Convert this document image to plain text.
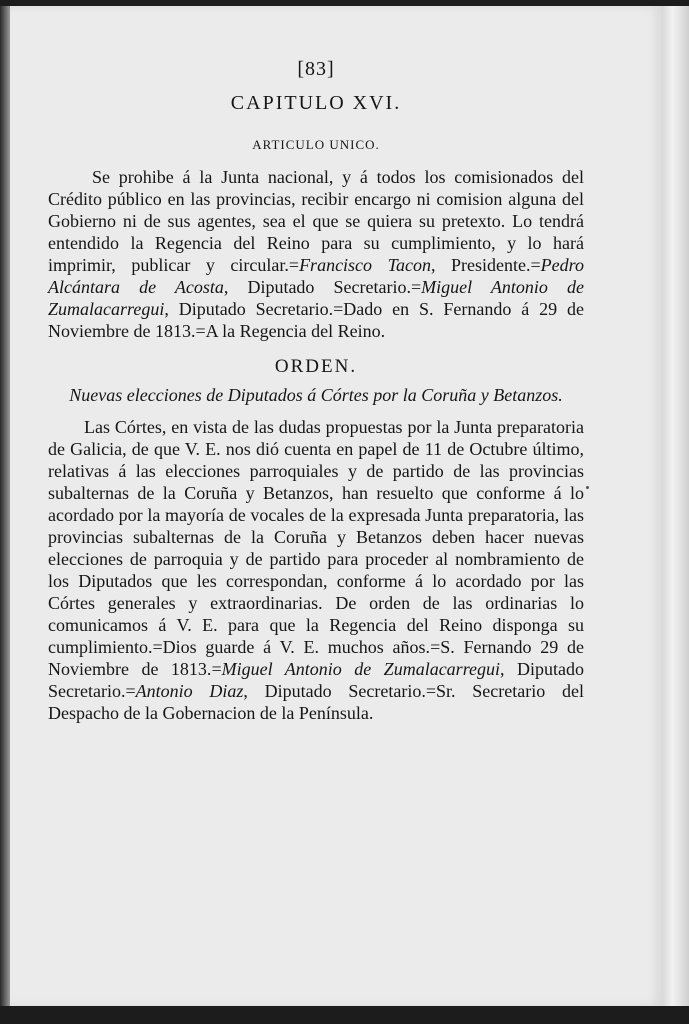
[83]
CAPITULO XVI.
ARTICULO UNICO.

Se prohibe á la Junta nacional, y á todos los comisionados del Crédito público en las provincias, recibir encargo ni comision alguna del Gobierno ni de sus agentes, sea el que se quiera su pretexto. Lo tendrá entendido la Regencia del Reino para su cumplimiento, y lo hará imprimir, publicar y circular.=Francisco Tacon, Presidente.=Pedro Alcántara de Acosta, Diputado Secretario.=Miguel Antonio de Zumalacarregui, Diputado Secretario.=Dado en S. Fernando á 29 de Noviembre de 1813.=A la Regencia del Reino.

ORDEN.
Nuevas elecciones de Diputados á Córtes por la Coruña y Betanzos.

Las Córtes, en vista de las dudas propuestas por la Junta preparatoria de Galicia, de que V. E. nos dió cuenta en papel de 11 de Octubre último, relativas á las elecciones parroquiales y de partido de las provincias subalternas de la Coruña y Betanzos, han resuelto que conforme á lo acordado por la mayoría de vocales de la expresada Junta preparatoria, las provincias subalternas de la Coruña y Betanzos deben hacer nuevas elecciones de parroquia y de partido para proceder al nombramiento de los Diputados que les correspondan, conforme á lo acordado por las Córtes generales y extraordinarias. De orden de las ordinarias lo comunicamos á V. E. para que la Regencia del Reino disponga su cumplimiento.=Dios guarde á V. E. muchos años.=S. Fernando 29 de Noviembre de 1813.=Miguel Antonio de Zumalacarregui, Diputado Secretario.=Antonio Diaz, Diputado Secretario.=Sr. Secretario del Despacho de la Gobernacion de la Península.
